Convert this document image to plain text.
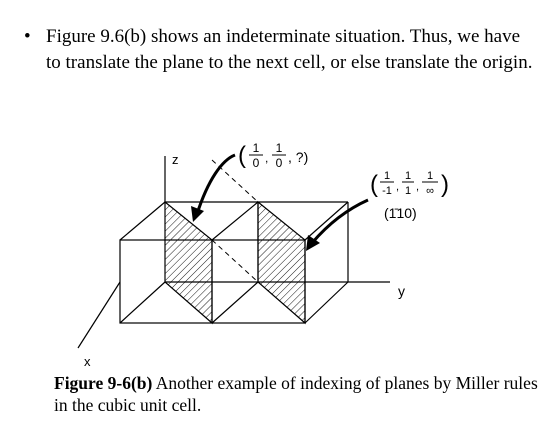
• Figure 9.6(b) shows an indeterminate situation. Thus, we have to translate the plane to the next cell, or else translate the origin.
z
y
x
( 1
0 ,
1
0 , ?)
( 1
-1 ,
1
1 ,
1
∞ )
(1̄10)
Figure 9-6(b) Another example of indexing of planes by Miller rules in the cubic unit cell.
